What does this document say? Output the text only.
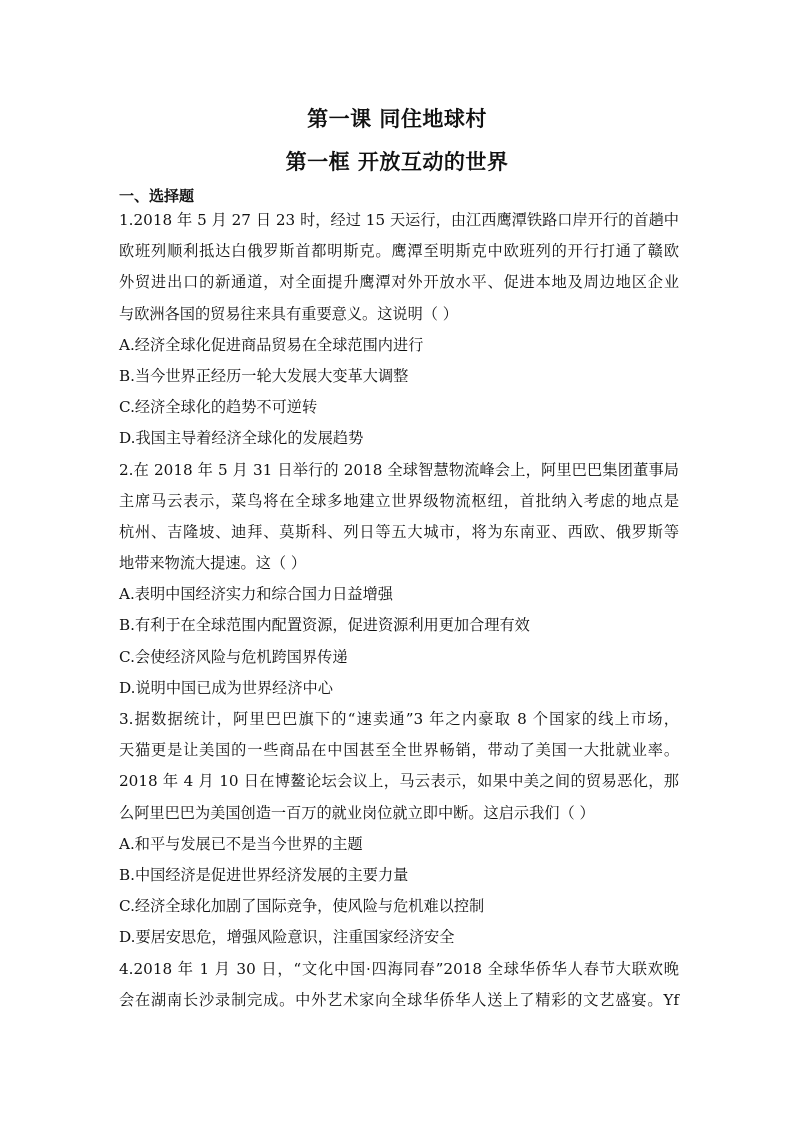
第一课 同住地球村
第一框 开放互动的世界
一、选择题
1.2018 年 5 月 27 日 23 时，经过 15 天运行，由江西鹰潭铁路口岸开行的首趟中
欧班列顺利抵达白俄罗斯首都明斯克。鹰潭至明斯克中欧班列的开行打通了赣欧
外贸进出口的新通道，对全面提升鹰潭对外开放水平、促进本地及周边地区企业
与欧洲各国的贸易往来具有重要意义。这说明（ ）
A.经济全球化促进商品贸易在全球范围内进行
B.当今世界正经历一轮大发展大变革大调整
C.经济全球化的趋势不可逆转
D.我国主导着经济全球化的发展趋势
2.在 2018 年 5 月 31 日举行的 2018 全球智慧物流峰会上，阿里巴巴集团董事局
主席马云表示，菜鸟将在全球多地建立世界级物流枢纽，首批纳入考虑的地点是
杭州、吉隆坡、迪拜、莫斯科、列日等五大城市，将为东南亚、西欧、俄罗斯等
地带来物流大提速。这（ ）
A.表明中国经济实力和综合国力日益增强
B.有利于在全球范围内配置资源，促进资源利用更加合理有效
C.会使经济风险与危机跨国界传递
D.说明中国已成为世界经济中心
3.据数据统计，阿里巴巴旗下的“速卖通”3 年之内豪取 8 个国家的线上市场，
天猫更是让美国的一些商品在中国甚至全世界畅销，带动了美国一大批就业率。
2018 年 4 月 10 日在博鳌论坛会议上，马云表示，如果中美之间的贸易恶化，那
么阿里巴巴为美国创造一百万的就业岗位就立即中断。这启示我们（ ）
A.和平与发展已不是当今世界的主题
B.中国经济是促进世界经济发展的主要力量
C.经济全球化加剧了国际竞争，使风险与危机难以控制
D.要居安思危，增强风险意识，注重国家经济安全
4.2018 年 1 月 30 日，“文化中国·四海同春”2018 全球华侨华人春节大联欢晚
会在湖南长沙录制完成。中外艺术家向全球华侨华人送上了精彩的文艺盛宴。Yf
